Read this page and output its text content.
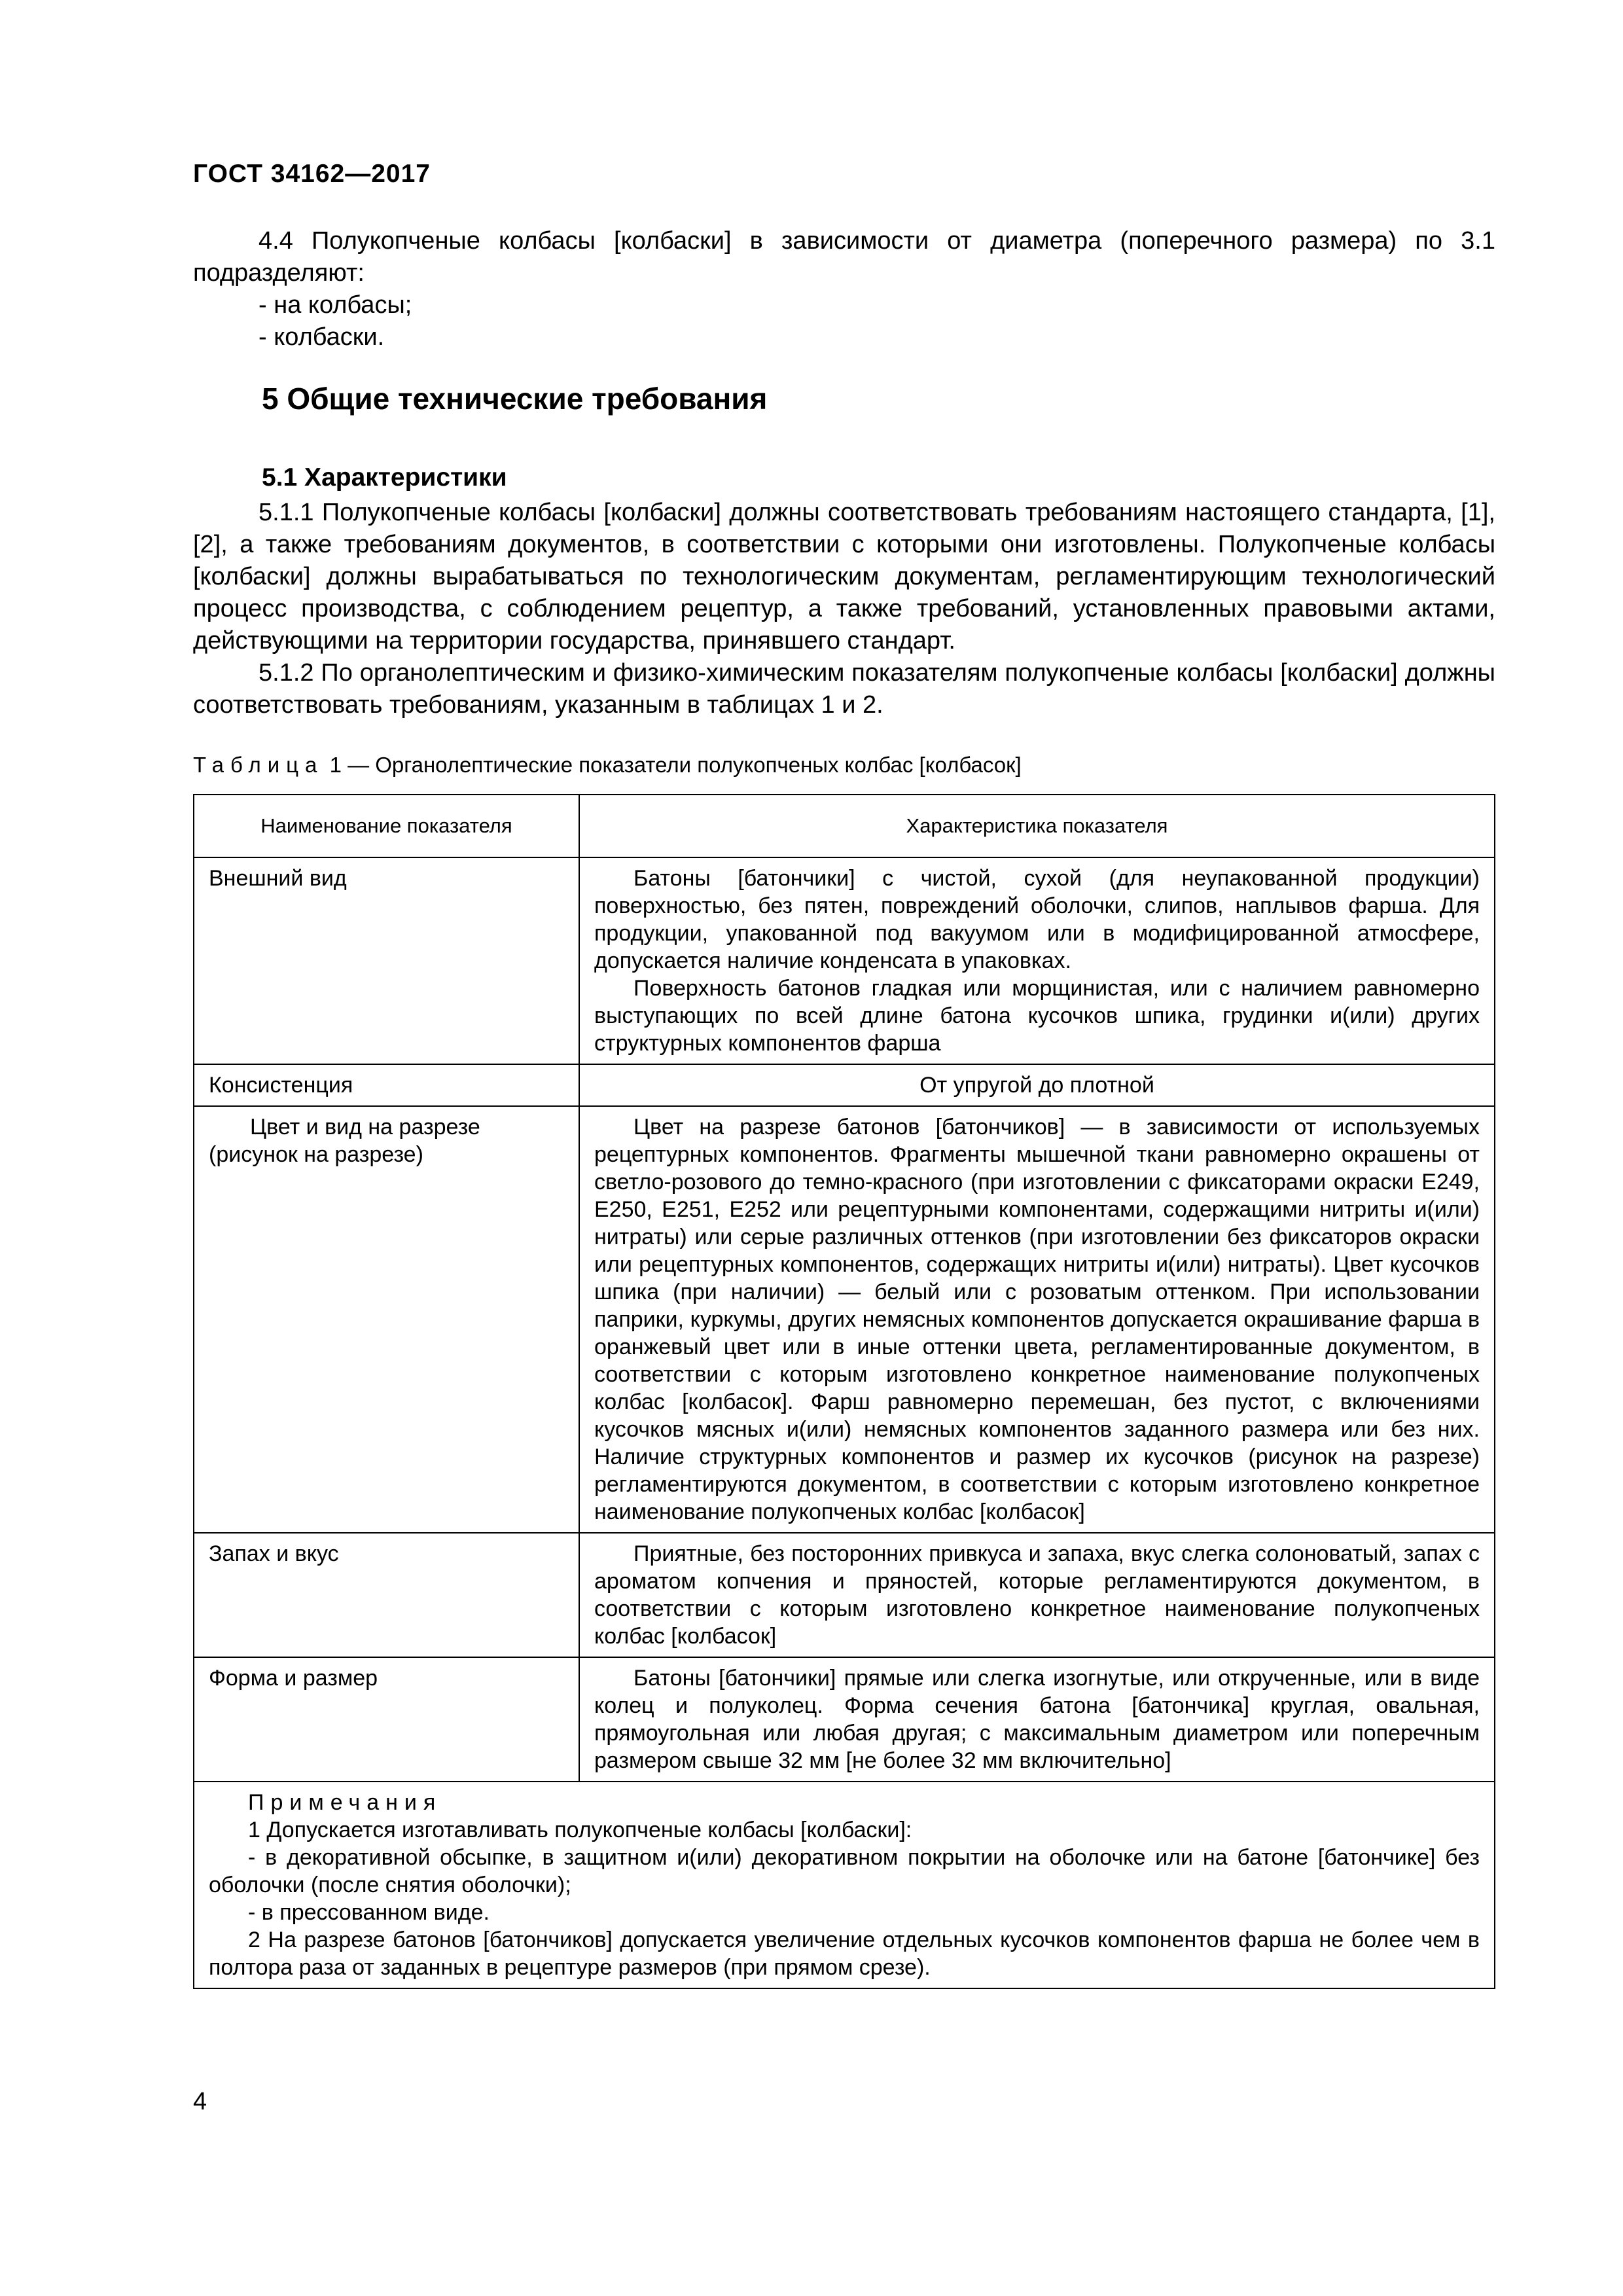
ГОСТ 34162—2017
4.4 Полукопченые колбасы [колбаски] в зависимости от диаметра (поперечного размера) по 3.1 подразделяют:
- на колбасы;
- колбаски.
5 Общие технические требования
5.1 Характеристики
5.1.1 Полукопченые колбасы [колбаски] должны соответствовать требованиям настоящего стандарта, [1], [2], а также требованиям документов, в соответствии с которыми они изготовлены. Полукопченые колбасы [колбаски] должны вырабатываться по технологическим документам, регламентирующим технологический процесс производства, с соблюдением рецептур, а также требований, установленных правовыми актами, действующими на территории государства, принявшего стандарт.
5.1.2 По органолептическим и физико-химическим показателям полукопченые колбасы [колбаски] должны соответствовать требованиям, указанным в таблицах 1 и 2.
Таблица 1 — Органолептические показатели полукопченых колбас [колбасок]
Наименование показателя	Характеристика показателя
Внешний вид	Батоны [батончики] с чистой, сухой (для неупакованной продукции) поверхностью, без пятен, повреждений оболочки, слипов, наплывов фарша. Для продукции, упакованной под вакуумом или в модифицированной атмосфере, допускается наличие конденсата в упаковках.
Поверхность батонов гладкая или морщинистая, или с наличием равномерно выступающих по всей длине батона кусочков шпика, грудинки и(или) других структурных компонентов фарша

Консистенция	От упругой до плотной

Цвет и вид на разрезе (рисунок на разрезе)	Цвет на разрезе батонов [батончиков] — в зависимости от используемых рецептурных компонентов. Фрагменты мышечной ткани равномерно окрашены от светло-розового до темно-красного (при изготовлении с фиксаторами окраски Е249, Е250, Е251, Е252 или рецептурными компонентами, содержащими нитриты и(или) нитраты) или серые различных оттенков (при изготовлении без фиксаторов окраски или рецептурных компонентов, содержащих нитриты и(или) нитраты). Цвет кусочков шпика (при наличии) — белый или с розоватым оттенком. При использовании паприки, куркумы, других немясных компонентов допускается окрашивание фарша в оранжевый цвет или в иные оттенки цвета, регламентированные документом, в соответствии с которым изготовлено конкретное наименование полукопченых колбас [колбасок]. Фарш равномерно перемешан, без пустот, с включениями кусочков мясных и(или) немясных компонентов заданного размера или без них. Наличие структурных компонентов и размер их кусочков (рисунок на разрезе) регламентируются документом, в соответствии с которым изготовлено конкретное наименование полукопченых колбас [колбасок]

Запах и вкус	Приятные, без посторонних привкуса и запаха, вкус слегка солоноватый, запах с ароматом копчения и пряностей, которые регламентируются документом, в соответствии с которым изготовлено конкретное наименование полукопченых колбас [колбасок]

Форма и размер	Батоны [батончики] прямые или слегка изогнутые, или открученные, или в виде колец и полуколец. Форма сечения батона [батончика] круглая, овальная, прямоугольная или любая другая; с максимальным диаметром или поперечным размером свыше 32 мм [не более 32 мм включительно]

Примечания
1 Допускается изготавливать полукопченые колбасы [колбаски]:
- в декоративной обсыпке, в защитном и(или) декоративном покрытии на оболочке или на батоне [батончике] без оболочки (после снятия оболочки);
- в прессованном виде.
2 На разрезе батонов [батончиков] допускается увеличение отдельных кусочков компонентов фарша не более чем в полтора раза от заданных в рецептуре размеров (при прямом срезе).	
4
